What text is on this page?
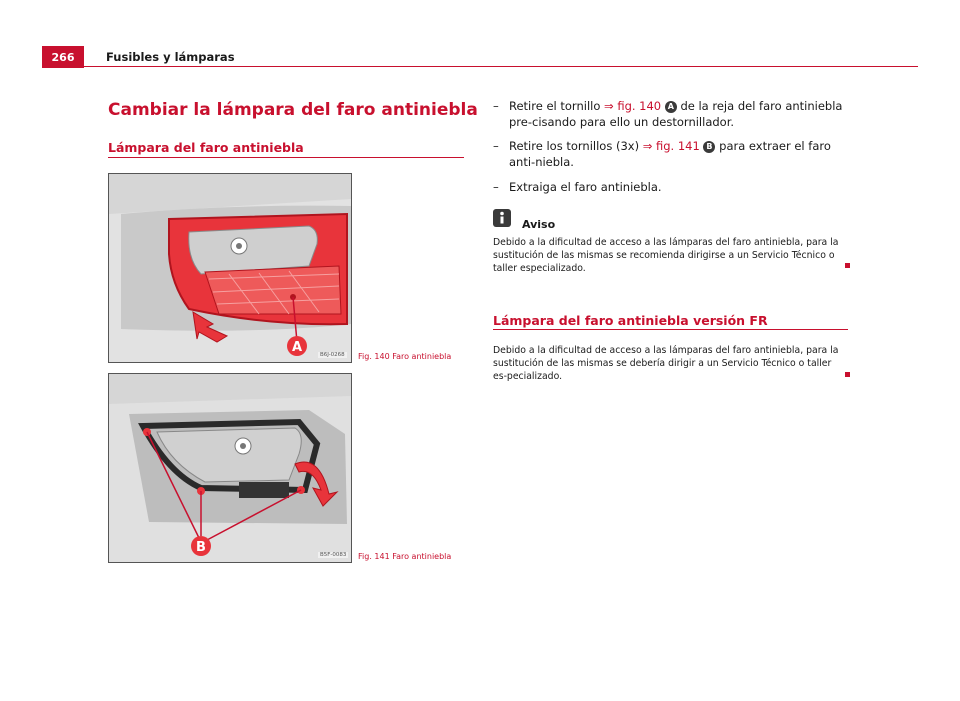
266	Fusibles y lámparas
Cambiar la lámpara del faro antiniebla
Lámpara del faro antiniebla
A	B6J-0268 Fig. 140 Faro antiniebla
B	B5F-0083 Fig. 141 Faro antiniebla
– Retire el tornillo ⇒ fig. 140 A de la reja del faro antiniebla pre-cisando para ello un destornillador.
– Retire los tornillos (3x) ⇒ fig. 141 B para extraer el faro anti-niebla.
– Extraiga el faro antiniebla.
Aviso
Debido a la dificultad de acceso a las lámparas del faro antiniebla, para la sustitución de las mismas se recomienda dirigirse a un Servicio Técnico o taller especializado.
Lámpara del faro antiniebla versión FR
Debido a la dificultad de acceso a las lámparas del faro antiniebla, para la sustitución de las mismas se debería dirigir a un Servicio Técnico o taller es-pecializado.
